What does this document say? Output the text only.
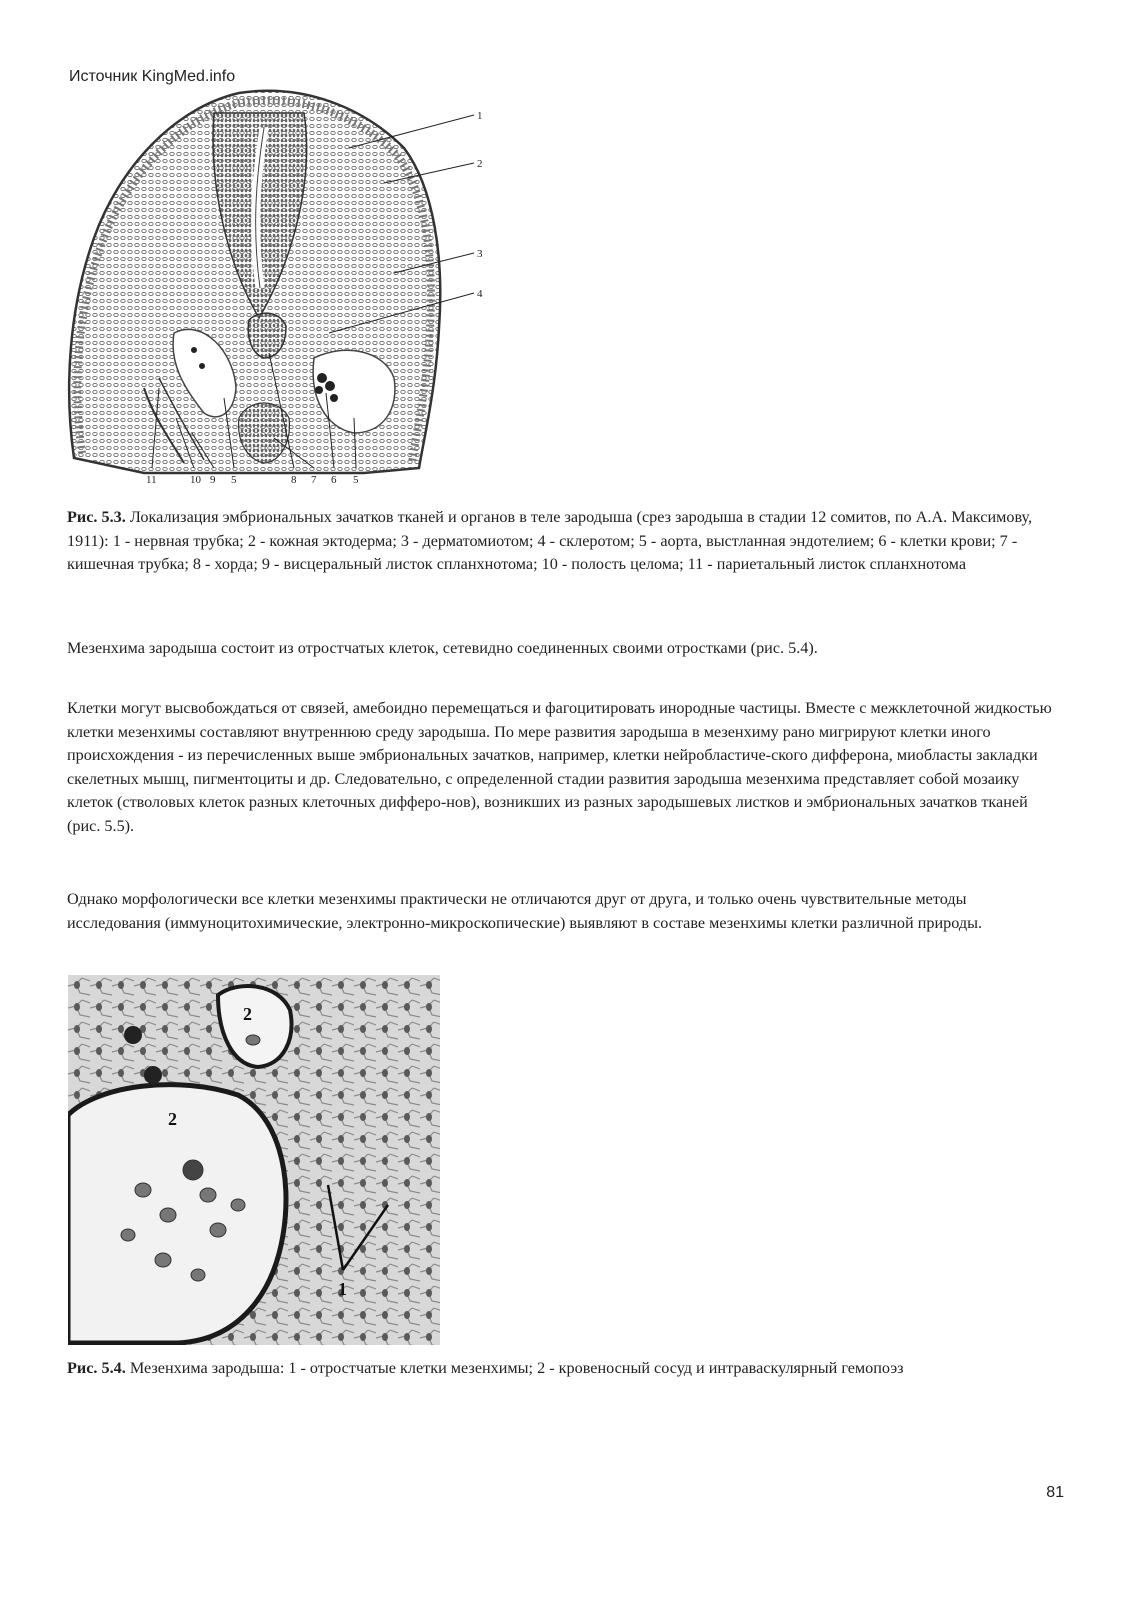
Источник KingMed.info
1
2
3
4
11	10 9 5	8 7 6 5
Рис. 5.3. Локализация эмбриональных зачатков тканей и органов в теле зародыша (срез зародыша в стадии 12 сомитов, по А.А. Максимову, 1911): 1 - нервная трубка; 2 - кожная эктодерма; 3 - дерматомиотом; 4 - склеротом; 5 - аорта, выстланная эндотелием; 6 - клетки крови; 7 - кишечная трубка; 8 - хорда; 9 - висцеральный листок спланхнотома; 10 - полость целома; 11 - париетальный листок спланхнотома
Мезенхима зародыша состоит из отростчатых клеток, сетевидно соединенных своими отростками (рис. 5.4).
Клетки могут высвобождаться от связей, амебоидно перемещаться и фагоцитировать инородные частицы. Вместе с межклеточной жидкостью клетки мезенхимы составляют внутреннюю среду зародыша. По мере развития зародыша в мезенхиму рано мигрируют клетки иного происхождения - из перечисленных выше эмбриональных зачатков, например, клетки нейробластиче-ского дифферона, миобласты закладки скелетных мышц, пигментоциты и др. Следовательно, с определенной стадии развития зародыша мезенхима представляет собой мозаику клеток (стволовых клеток разных клеточных дифферо-нов), возникших из разных зародышевых листков и эмбриональных зачатков тканей (рис. 5.5).
Однако морфологически все клетки мезенхимы практически не отличаются друг от друга, и только очень чувствительные методы исследования (иммуноцитохимические, электронно-микроскопические) выявляют в составе мезенхимы клетки различной природы.
2
2
1
Рис. 5.4. Мезенхима зародыша: 1 - отростчатые клетки мезенхимы; 2 - кровеносный сосуд и интраваскулярный гемопоэз
81
